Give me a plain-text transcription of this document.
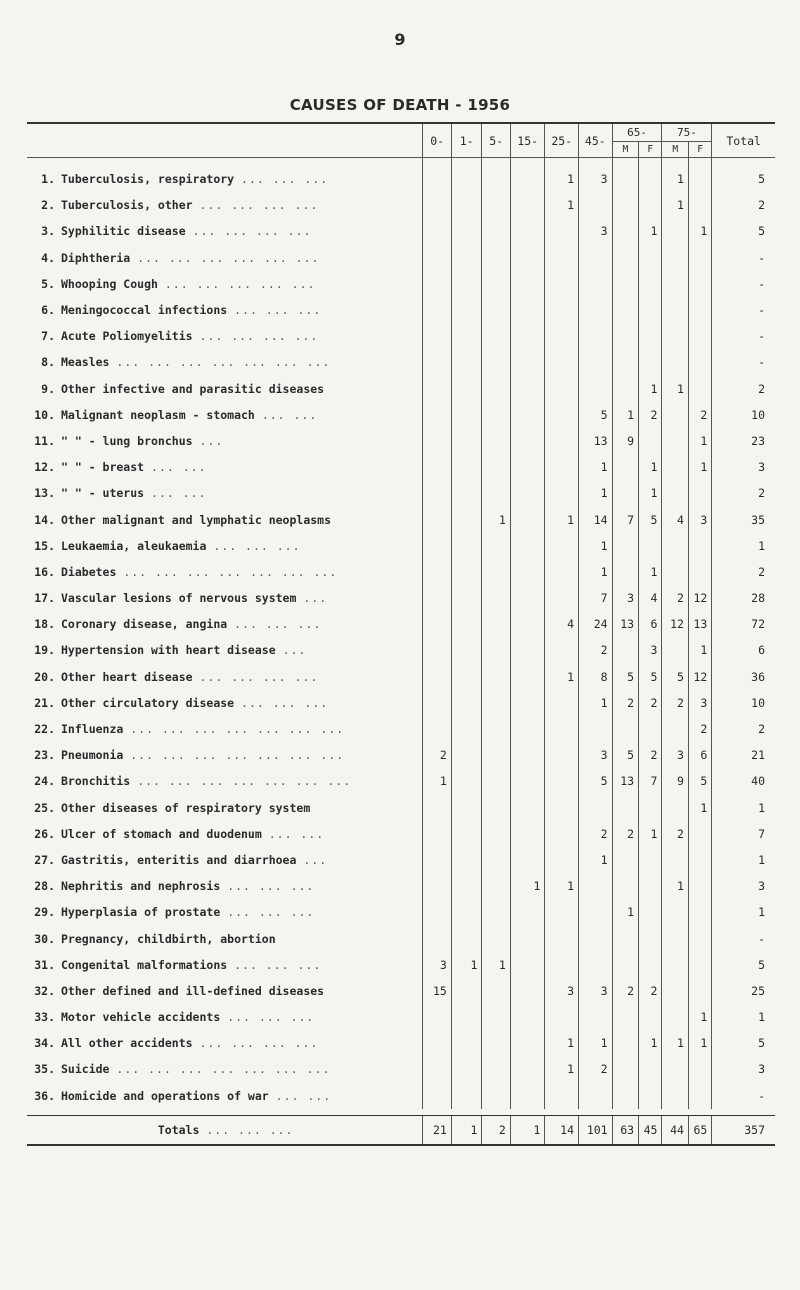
9
CAUSES OF DEATH - 1956
	0-	1-	5-	15-	25-	45-	65-		75-		Total
							M	F	M	F	
1. Tuberculosis, respiratory ... ... ...					1	3			1		5
2. Tuberculosis, other ... ... ... ...					1				1		2
3. Syphilitic disease ... ... ... ...						3		1		1	5
4. Diphtheria ... ... ... ... ... ...											-
5. Whooping Cough ... ... ... ... ...											-
6. Meningococcal infections ... ... ...											-
7. Acute Poliomyelitis ... ... ... ...											-
8. Measles ... ... ... ... ... ... ...											-
9. Other infective and parasitic diseases								1	1		2
10. Malignant neoplasm - stomach ... ...						5	1	2		2	10
11. " " - lung bronchus ...						13	9			1	23
12. " " - breast ... ...						1		1		1	3
13. " " - uterus ... ...						1		1			2
14. Other malignant and lymphatic neoplasms			1		1	14	7	5	4	3	35
15. Leukaemia, aleukaemia ... ... ...						1					1
16. Diabetes ... ... ... ... ... ... ...						1		1			2
17. Vascular lesions of nervous system ...						7	3	4	2	12	28
18. Coronary disease, angina ... ... ...					4	24	13	6	12	13	72
19. Hypertension with heart disease ...						2		3		1	6
20. Other heart disease ... ... ... ...					1	8	5	5	5	12	36
21. Other circulatory disease ... ... ...						1	2	2	2	3	10
22. Influenza ... ... ... ... ... ... ...										2	2
23. Pneumonia ... ... ... ... ... ... ...	2					3	5	2	3	6	21
24. Bronchitis ... ... ... ... ... ... ...	1					5	13	7	9	5	40
25. Other diseases of respiratory system										1	1
26. Ulcer of stomach and duodenum ... ...						2	2	1	2		7
27. Gastritis, enteritis and diarrhoea ...						1					1
28. Nephritis and nephrosis ... ... ...				1	1				1		3
29. Hyperplasia of prostate ... ... ...							1				1
30. Pregnancy, childbirth, abortion											-
31. Congenital malformations ... ... ...	3	1	1								5
32. Other defined and ill-defined diseases	15				3	3	2	2			25
33. Motor vehicle accidents ... ... ...										1	1
34. All other accidents ... ... ... ...					1	1		1	1	1	5
35. Suicide ... ... ... ... ... ... ...					1	2					3
36. Homicide and operations of war ... ...											-

Totals ... ... ...	21	1	2	1	14	101	63	45	44	65	357
